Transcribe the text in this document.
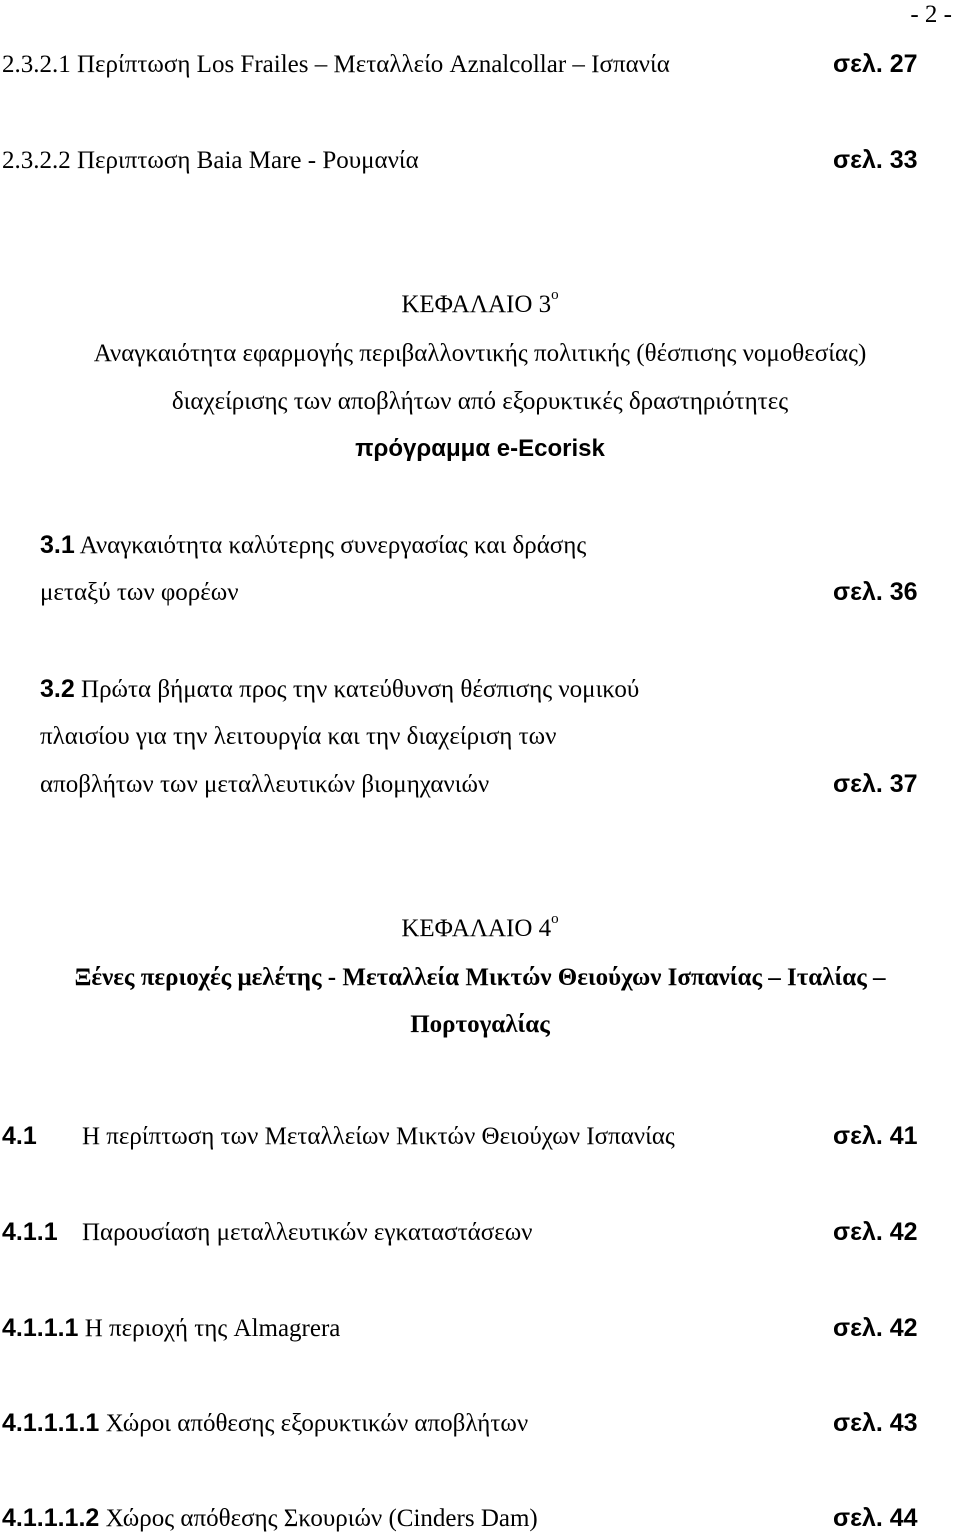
- 2 -
2.3.2.1 Περίπτωση Los Frailes – Μεταλλείο Aznalcollar – Ισπανία	σελ. 27
2.3.2.2 Περιπτωση Baia Mare - Ρουμανία	σελ. 33
ΚΕΦΑΛΑΙΟ $3^o$
Αναγκαιότητα εφαρμογής περιβαλλοντικής πολιτικής (θέσπισης νομοθεσίας)
διαχείρισης των αποβλήτων από εξορυκτικές δραστηριότητες
πρόγραμμα e-Ecorisk
3.1 Αναγκαιότητα καλύτερης συνεργασίας και δράσης
μεταξύ των φορέων	σελ. 36
3.2 Πρώτα βήματα προς την κατεύθυνση θέσπισης νομικού
πλαισίου για την λειτουργία και την διαχείριση των
αποβλήτων των μεταλλευτικών βιομηχανιών	σελ. 37
ΚΕΦΑΛΑΙΟ $4^o$
Ξένες περιοχές μελέτης - Μεταλλεία Μικτών Θειούχων Ισπανίας – Ιταλίας –
Πορτογαλίας
4.1 Η περίπτωση των Μεταλλείων Μικτών Θειούχων Ισπανίας	σελ. 41
4.1.1 Παρουσίαση μεταλλευτικών εγκαταστάσεων	σελ. 42
4.1.1.1 Η περιοχή της Almagrera	σελ. 42
4.1.1.1.1 Χώροι απόθεσης εξορυκτικών αποβλήτων	σελ. 43
4.1.1.1.2 Χώρος απόθεσης Σκουριών (Cinders Dam)	σελ. 44
